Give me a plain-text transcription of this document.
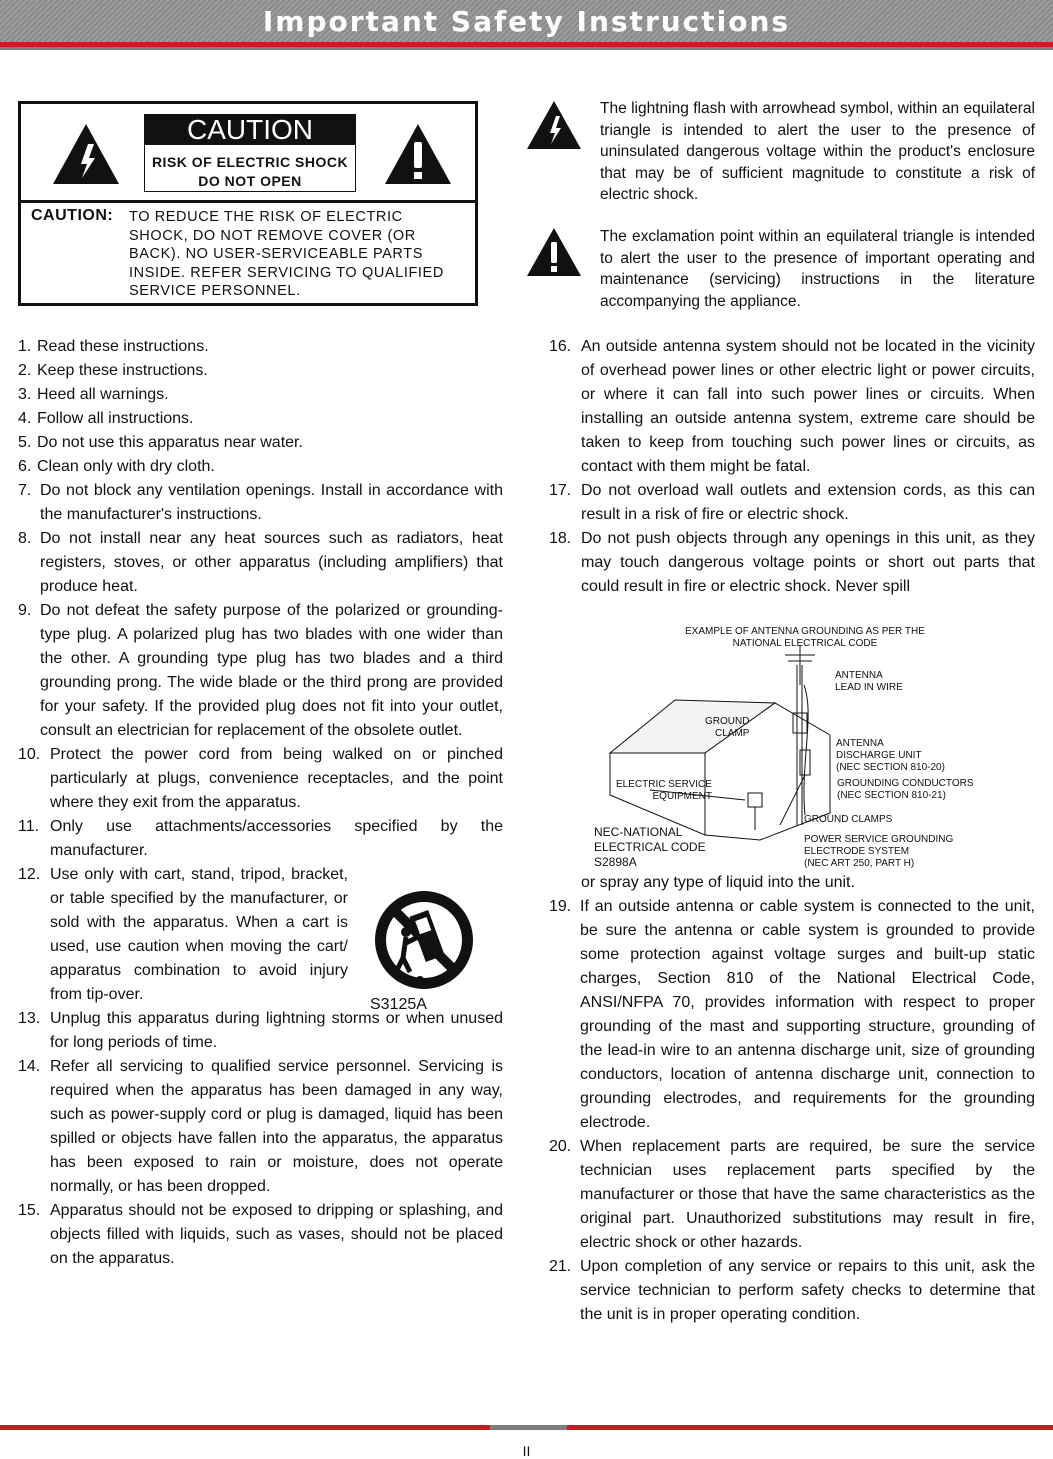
Important Safety Instructions
CAUTION
RISK OF ELECTRIC SHOCK
DO NOT OPEN
CAUTION: TO REDUCE THE RISK OF ELECTRIC
SHOCK, DO NOT REMOVE COVER (OR
BACK). NO USER-SERVICEABLE PARTS
INSIDE. REFER SERVICING TO QUALIFIED
SERVICE PERSONNEL.
The lightning flash with arrowhead symbol, within an equilateral triangle is intended to alert the user to the presence of uninsulated dangerous voltage within the product's enclosure that may be of sufficient magnitude to constitute a risk of electric shock.
The exclamation point within an equilateral triangle is intended to alert the user to the presence of important operating and maintenance (servicing) instructions in the literature accompanying the appliance.
1. Read these instructions.
2. Keep these instructions.
3. Heed all warnings.
4. Follow all instructions.
5. Do not use this apparatus near water.
6. Clean only with dry cloth.
7. Do not block any ventilation openings. Install in accordance with the manufacturer's instructions.
8. Do not install near any heat sources such as radiators, heat registers, stoves, or other apparatus (including amplifiers) that produce heat.
9. Do not defeat the safety purpose of the polarized or grounding-type plug. A polarized plug has two blades with one wider than the other. A grounding type plug has two blades and a third grounding prong. The wide blade or the third prong are provided for your safety. If the provided plug does not fit into your outlet, consult an electrician for replacement of the obsolete outlet.
10. Protect the power cord from being walked on or pinched particularly at plugs, convenience receptacles, and the point where they exit from the apparatus.
11. Only use attachments/accessories specified by the manufacturer.
12. Use only with cart, stand, tripod, bracket, or table specified by the manufacturer, or sold with the apparatus. When a cart is used, use caution when moving the cart/ apparatus combination to avoid injury from tip-over.
13. Unplug this apparatus during lightning storms or when unused for long periods of time.
14. Refer all servicing to qualified service personnel. Servicing is required when the apparatus has been damaged in any way, such as power-supply cord or plug is damaged, liquid has been spilled or objects have fallen into the apparatus, the apparatus has been exposed to rain or moisture, does not operate normally, or has been dropped.
15. Apparatus should not be exposed to dripping or splashing, and objects filled with liquids, such as vases, should not be placed on the apparatus.
S3125A
16. An outside antenna system should not be located in the vicinity of overhead power lines or other electric light or power circuits, or where it can fall into such power lines or circuits. When installing an outside antenna system, extreme care should be taken to keep from touching such power lines or circuits, as contact with them might be fatal.
17. Do not overload wall outlets and extension cords, as this can result in a risk of fire or electric shock.
18. Do not push objects through any openings in this unit, as they may touch dangerous voltage points or short out parts that could result in fire or electric shock. Never spill
EXAMPLE OF ANTENNA GROUNDING AS PER THE
NATIONAL ELECTRICAL CODE
ANTENNA
LEAD IN WIRE
GROUND
CLAMP
ANTENNA
DISCHARGE UNIT
(NEC SECTION 810-20)
ELECTRIC SERVICE
EQUIPMENT
GROUNDING CONDUCTORS
(NEC SECTION 810-21)
GROUND CLAMPS
NEC-NATIONAL
ELECTRICAL CODE
S2898A
POWER SERVICE GROUNDING
ELECTRODE SYSTEM
(NEC ART 250, PART H)
or spray any type of liquid into the unit.
19. If an outside antenna or cable system is connected to the unit, be sure the antenna or cable system is grounded to provide some protection against voltage surges and built-up static charges, Section 810 of the National Electrical Code, ANSI/NFPA 70, provides information with respect to proper grounding of the mast and supporting structure, grounding of the lead-in wire to an antenna discharge unit, size of grounding conductors, location of antenna discharge unit, connection to grounding electrodes, and requirements for the grounding electrode.
20. When replacement parts are required, be sure the service technician uses replacement parts specified by the manufacturer or those that have the same characteristics as the original part. Unauthorized substitutions may result in fire, electric shock or other hazards.
21. Upon completion of any service or repairs to this unit, ask the service technician to perform safety checks to determine that the unit is in proper operating condition.
II
